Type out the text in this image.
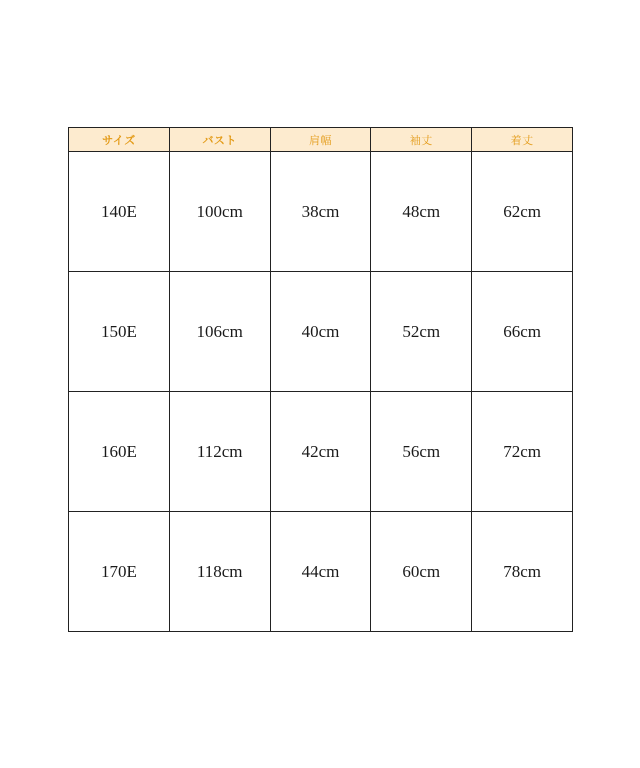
サイズ	バスト	肩幅	袖丈	着丈
140E	100cm	38cm	48cm	62cm
150E	106cm	40cm	52cm	66cm
160E	112cm	42cm	56cm	72cm
170E	118cm	44cm	60cm	78cm
